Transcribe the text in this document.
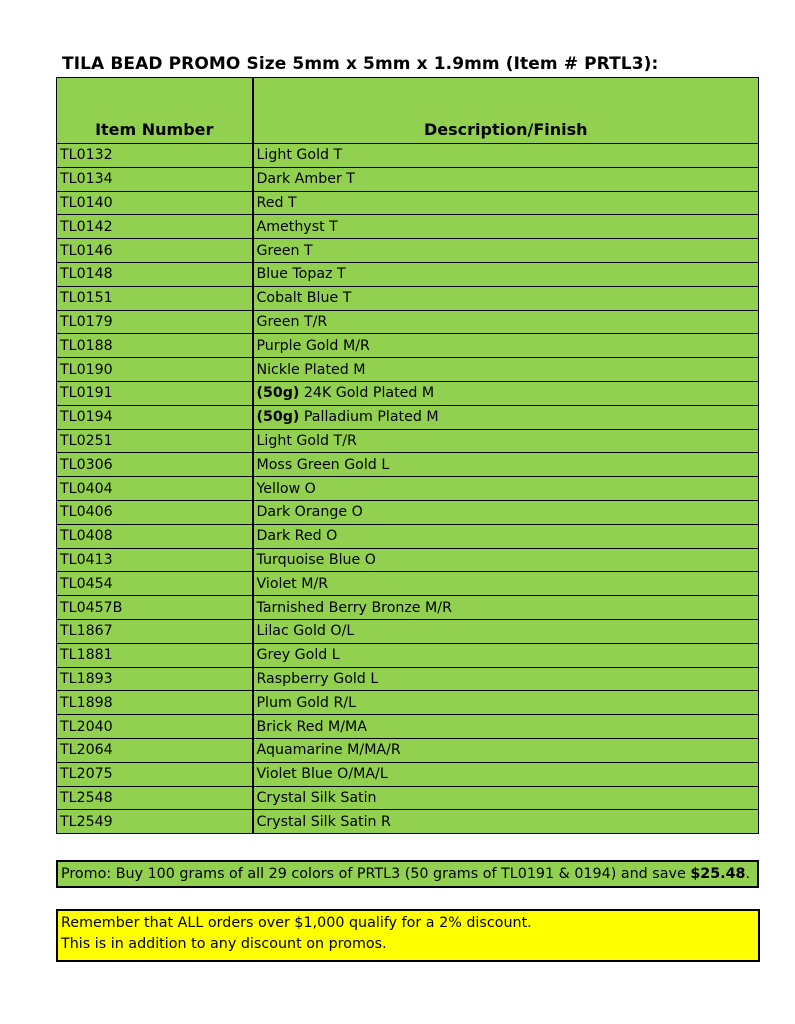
TILA BEAD PROMO Size 5mm x 5mm x 1.9mm (Item # PRTL3):
Item Number	Description/Finish
TL0132	Light Gold T
TL0134	Dark Amber T
TL0140	Red T
TL0142	Amethyst T
TL0146	Green T
TL0148	Blue Topaz T
TL0151	Cobalt Blue T
TL0179	Green T/R
TL0188	Purple Gold M/R
TL0190	Nickle Plated M
TL0191	(50g) 24K Gold Plated M
TL0194	(50g) Palladium Plated M
TL0251	Light Gold T/R
TL0306	Moss Green Gold L
TL0404	Yellow O
TL0406	Dark Orange O
TL0408	Dark Red O
TL0413	Turquoise Blue O
TL0454	Violet M/R
TL0457B	Tarnished Berry Bronze M/R
TL1867	Lilac Gold O/L
TL1881	Grey Gold L
TL1893	Raspberry Gold L
TL1898	Plum Gold R/L
TL2040	Brick Red M/MA
TL2064	Aquamarine M/MA/R
TL2075	Violet Blue O/MA/L
TL2548	Crystal Silk Satin
TL2549	Crystal Silk Satin R
Promo: Buy 100 grams of all 29 colors of PRTL3 (50 grams of TL0191 & 0194) and save $25.48.
Remember that ALL orders over $1,000 qualify for a 2% discount.
This is in addition to any discount on promos.
